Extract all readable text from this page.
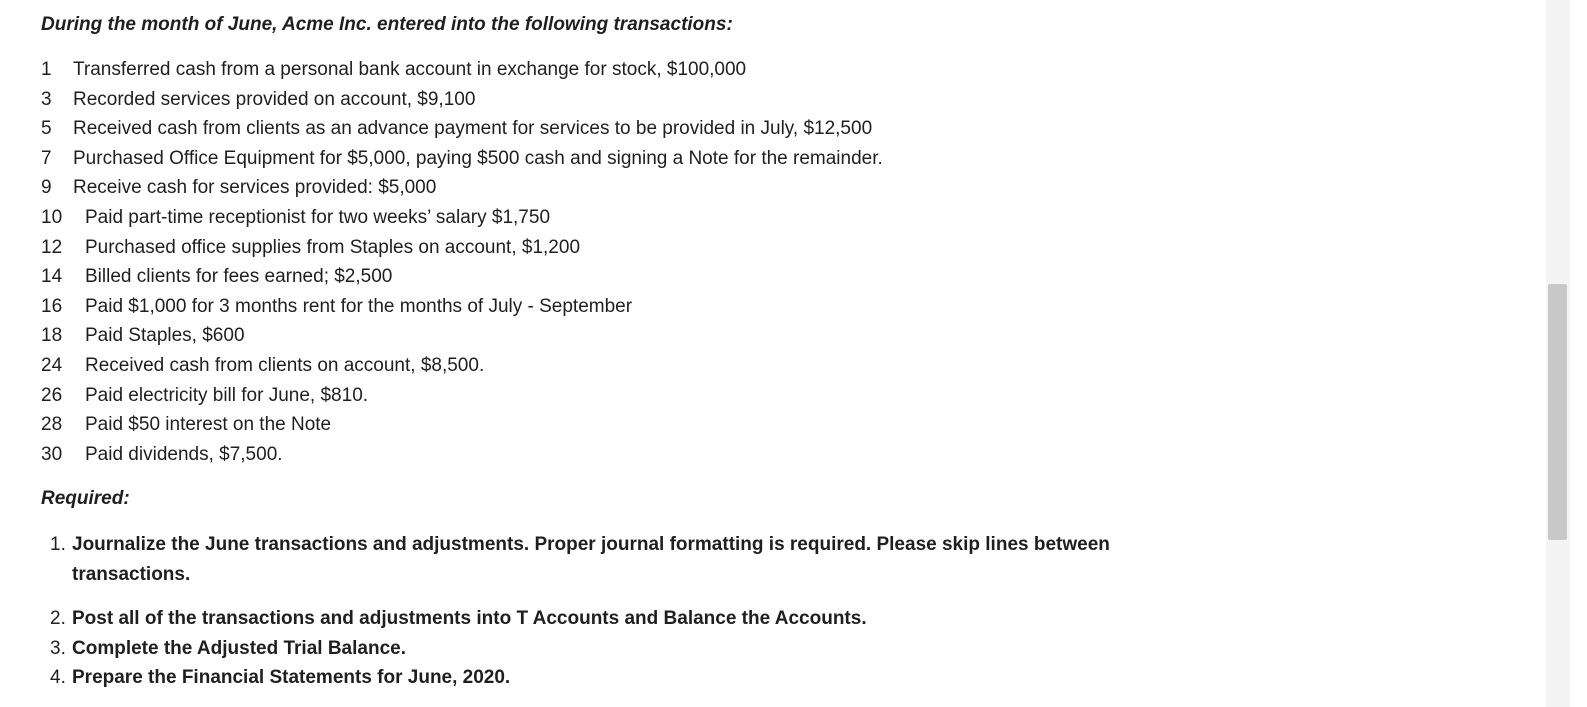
During the month of June, Acme Inc. entered into the following transactions:

1 Transferred cash from a personal bank account in exchange for stock, $100,000
3 Recorded services provided on account, $9,100
5 Received cash from clients as an advance payment for services to be provided in July, $12,500
7 Purchased Office Equipment for $5,000, paying $500 cash and signing a Note for the remainder.
9 Receive cash for services provided: $5,000
10 Paid part-time receptionist for two weeks’ salary $1,750
12 Purchased office supplies from Staples on account, $1,200
14 Billed clients for fees earned; $2,500
16 Paid $1,000 for 3 months rent for the months of July - September
18 Paid Staples, $600
24 Received cash from clients on account, $8,500.
26 Paid electricity bill for June, $810.
28 Paid $50 interest on the Note
30 Paid dividends, $7,500.

Required:

1. Journalize the June transactions and adjustments. Proper journal formatting is required. Please skip lines between
transactions.
2. Post all of the transactions and adjustments into T Accounts and Balance the Accounts.
3. Complete the Adjusted Trial Balance.
4. Prepare the Financial Statements for June, 2020.
